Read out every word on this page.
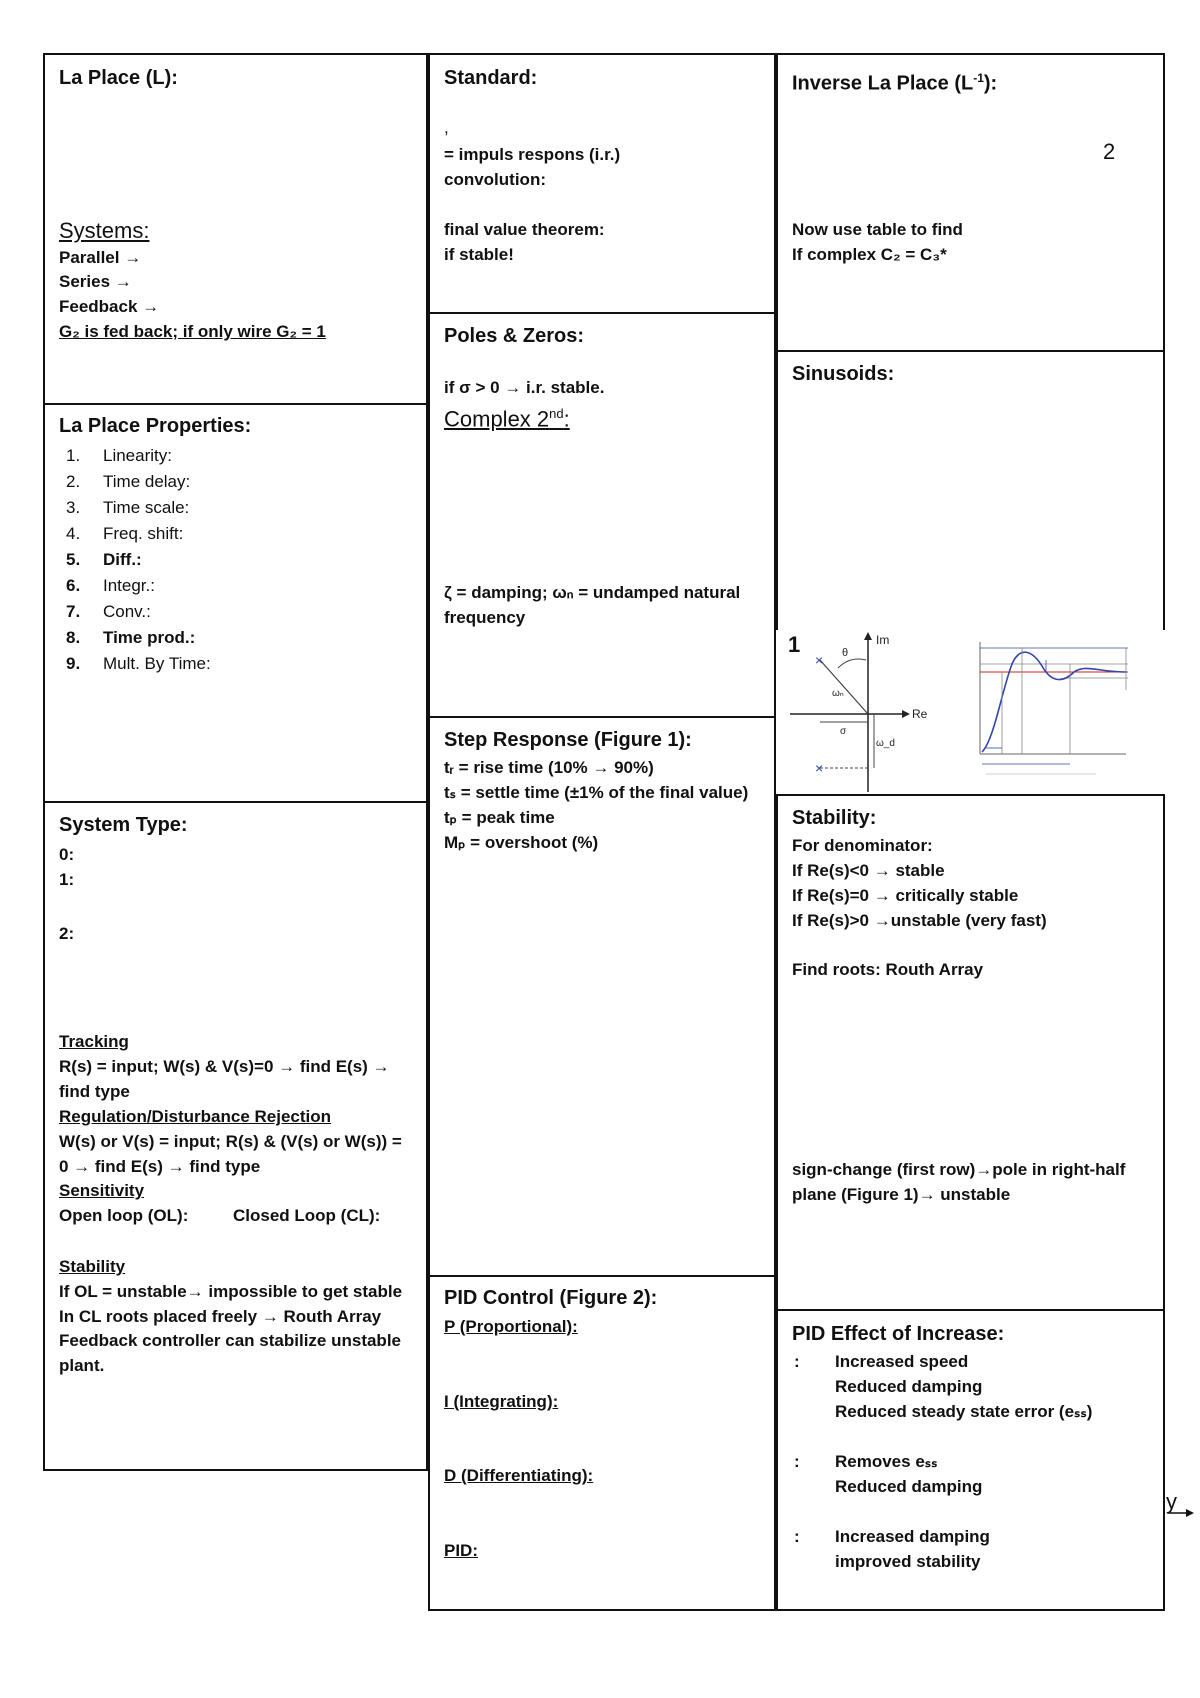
La Place (L):
Systems:
Parallel →
Series →
Feedback →
G₂ is fed back; if only wire G₂ = 1
La Place Properties:
1. Linearity:
2. Time delay:
3. Time scale:
4. Freq. shift:
5. Diff.:
6. Integr.:
7. Conv.:
8. Time prod.:
9. Mult. By Time:
System Type:
0:
1:
2:
Tracking
R(s) = input; W(s) & V(s)=0 → find E(s) →
find type
Regulation/Disturbance Rejection
W(s) or V(s) = input; R(s) & (V(s) or W(s)) =
0 → find E(s) → find type
Sensitivity
Open loop (OL):	Closed Loop (CL):
Stability
If OL = unstable→ impossible to get stable
In CL roots placed freely → Routh Array
Feedback controller can stabilize unstable
plant.
Standard:
,
= impuls respons (i.r.)
convolution:
final value theorem:
if stable!
Poles & Zeros:
if σ > 0 → i.r. stable.
Complex 2nd:
ζ = damping; ωₙ = undamped natural
frequency
Step Response (Figure 1):
tᵣ = rise time (10% → 90%)
tₛ = settle time (±1% of the final value)
tₚ = peak time
Mₚ = overshoot (%)
PID Control (Figure 2):
P (Proportional):
I (Integrating):
D (Differentiating):
PID:
Inverse La Place $(L^{-1})$:
2
Now use table to find
If complex C₂ = C₃*
Sinusoids:
1	Im
Re
×
×
θ
ωₙ
σ
ω_d
Stability:
For denominator:
If Re(s)<0 → stable
If Re(s)=0 → critically stable
If Re(s)>0 →unstable (very fast)
Find roots: Routh Array
sign-change (first row)→pole in right-half
plane (Figure 1)→ unstable
PID Effect of Increase:
: Increased speed
Reduced damping
Reduced steady state error (eₛₛ)
: Removes eₛₛ
Reduced damping
: Increased damping
improved stability
y
